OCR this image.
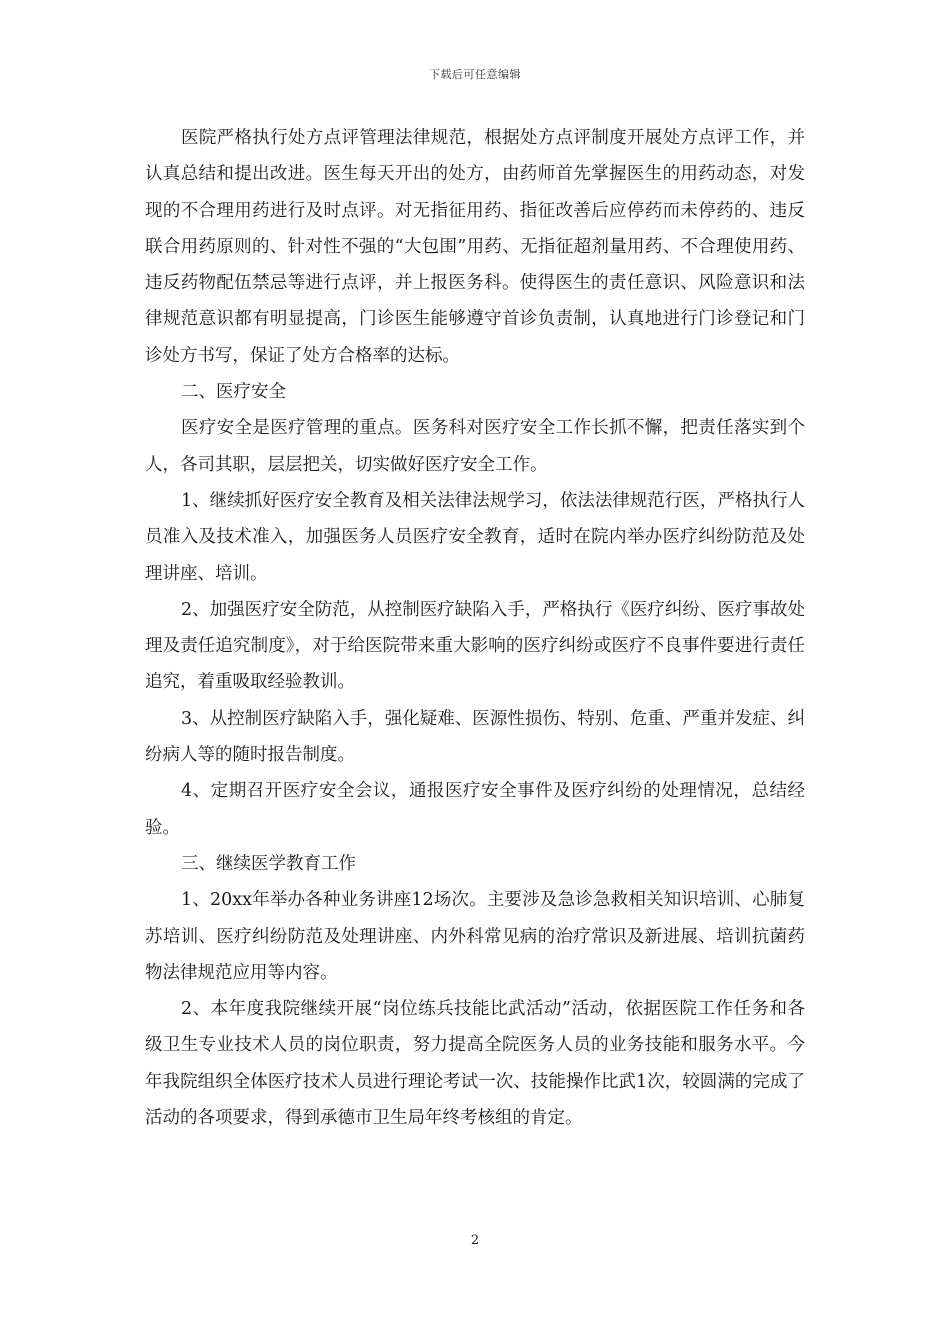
下载后可任意编辑

医院严格执行处方点评管理法律规范，根据处方点评制度开展处方点评工作，并认真总结和提出改进。医生每天开出的处方，由药师首先掌握医生的用药动态，对发现的不合理用药进行及时点评。对无指征用药、指征改善后应停药而未停药的、违反联合用药原则的、针对性不强的“大包围”用药、无指征超剂量用药、不合理使用药、违反药物配伍禁忌等进行点评，并上报医务科。使得医生的责任意识、风险意识和法律规范意识都有明显提高，门诊医生能够遵守首诊负责制，认真地进行门诊登记和门诊处方书写，保证了处方合格率的达标。

二、医疗安全

医疗安全是医疗管理的重点。医务科对医疗安全工作长抓不懈，把责任落实到个人，各司其职，层层把关，切实做好医疗安全工作。

1、继续抓好医疗安全教育及相关法律法规学习，依法法律规范行医，严格执行人员准入及技术准入，加强医务人员医疗安全教育，适时在院内举办医疗纠纷防范及处理讲座、培训。

2、加强医疗安全防范，从控制医疗缺陷入手，严格执行《医疗纠纷、医疗事故处理及责任追究制度》，对于给医院带来重大影响的医疗纠纷或医疗不良事件要进行责任追究，着重吸取经验教训。

3、从控制医疗缺陷入手，强化疑难、医源性损伤、特别、危重、严重并发症、纠纷病人等的随时报告制度。

4、定期召开医疗安全会议，通报医疗安全事件及医疗纠纷的处理情况，总结经验。

三、继续医学教育工作

1、20xx年举办各种业务讲座12场次。主要涉及急诊急救相关知识培训、心肺复苏培训、医疗纠纷防范及处理讲座、内外科常见病的治疗常识及新进展、培训抗菌药物法律规范应用等内容。

2、本年度我院继续开展“岗位练兵技能比武活动”活动，依据医院工作任务和各级卫生专业技术人员的岗位职责，努力提高全院医务人员的业务技能和服务水平。今年我院组织全体医疗技术人员进行理论考试一次、技能操作比武1次，较圆满的完成了活动的各项要求，得到承德市卫生局年终考核组的肯定。

2
